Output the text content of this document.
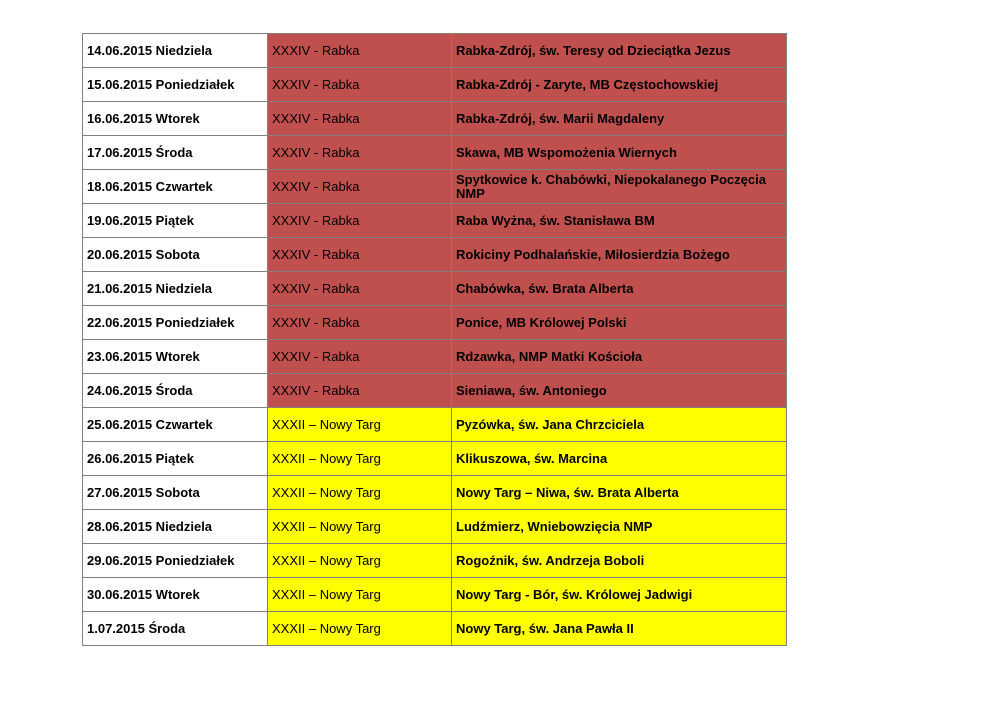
14.06.2015 Niedziela	XXXIV - Rabka	Rabka-Zdrój, św. Teresy od Dzieciątka Jezus
15.06.2015 Poniedziałek	XXXIV - Rabka	Rabka-Zdrój - Zaryte, MB Częstochowskiej
16.06.2015 Wtorek	XXXIV - Rabka	Rabka-Zdrój, św. Marii Magdaleny
17.06.2015 Środa	XXXIV - Rabka	Skawa, MB Wspomożenia Wiernych
18.06.2015 Czwartek	XXXIV - Rabka	Spytkowice k. Chabówki, Niepokalanego Poczęcia NMP
19.06.2015 Piątek	XXXIV - Rabka	Raba Wyżna, św. Stanisława BM
20.06.2015 Sobota	XXXIV - Rabka	Rokiciny Podhalańskie, Miłosierdzia Bożego
21.06.2015 Niedziela	XXXIV - Rabka	Chabówka, św. Brata Alberta
22.06.2015 Poniedziałek	XXXIV - Rabka	Ponice, MB Królowej Polski
23.06.2015 Wtorek	XXXIV - Rabka	Rdzawka, NMP Matki Kościoła
24.06.2015 Środa	XXXIV - Rabka	Sieniawa, św. Antoniego
25.06.2015 Czwartek	XXXII – Nowy Targ	Pyzówka, św. Jana Chrzciciela
26.06.2015 Piątek	XXXII – Nowy Targ	Klikuszowa, św. Marcina
27.06.2015 Sobota	XXXII – Nowy Targ	Nowy Targ – Niwa, św. Brata Alberta
28.06.2015 Niedziela	XXXII – Nowy Targ	Ludźmierz, Wniebowzięcia NMP
29.06.2015 Poniedziałek	XXXII – Nowy Targ	Rogoźnik, św. Andrzeja Boboli
30.06.2015 Wtorek	XXXII – Nowy Targ	Nowy Targ - Bór, św. Królowej Jadwigi
1.07.2015 Środa	XXXII – Nowy Targ	Nowy Targ, św. Jana Pawła II
